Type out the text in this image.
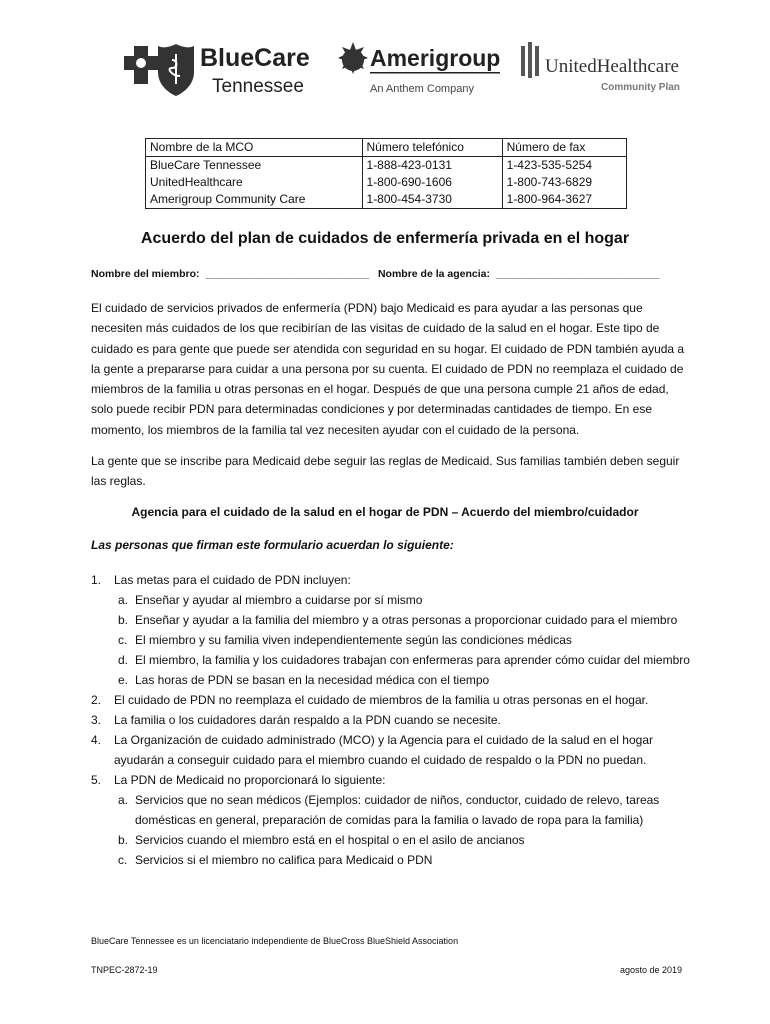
BlueCare
Tennessee
Amerigroup
An Anthem Company
UnitedHealthcare
Community Plan
Nombre de la MCO	Número telefónico	Número de fax
BlueCare Tennessee	1-888-423-0131	1-423-535-5254
UnitedHealthcare	1-800-690-1606	1-800-743-6829
Amerigroup Community Care	1-800-454-3730	1-800-964-3627
Acuerdo del plan de cuidados de enfermería privada en el hogar
Nombre del miembro: ____________________________ Nombre de la agencia: ____________________________
El cuidado de servicios privados de enfermería (PDN) bajo Medicaid es para ayudar a las personas que necesiten más cuidados de los que recibirían de las visitas de cuidado de la salud en el hogar. Este tipo de cuidado es para gente que puede ser atendida con seguridad en su hogar. El cuidado de PDN también ayuda a la gente a prepararse para cuidar a una persona por su cuenta. El cuidado de PDN no reemplaza el cuidado de miembros de la familia u otras personas en el hogar. Después de que una persona cumple 21 años de edad, solo puede recibir PDN para determinadas condiciones y por determinadas cantidades de tiempo. En ese momento, los miembros de la familia tal vez necesiten ayudar con el cuidado de la persona.
La gente que se inscribe para Medicaid debe seguir las reglas de Medicaid. Sus familias también deben seguir las reglas.
Agencia para el cuidado de la salud en el hogar de PDN – Acuerdo del miembro/cuidador
Las personas que firman este formulario acuerdan lo siguiente:
1. Las metas para el cuidado de PDN incluyen:
a. Enseñar y ayudar al miembro a cuidarse por sí mismo
b. Enseñar y ayudar a la familia del miembro y a otras personas a proporcionar cuidado para el miembro
c. El miembro y su familia viven independientemente según las condiciones médicas
d. El miembro, la familia y los cuidadores trabajan con enfermeras para aprender cómo cuidar del miembro
e. Las horas de PDN se basan en la necesidad médica con el tiempo
2. El cuidado de PDN no reemplaza el cuidado de miembros de la familia u otras personas en el hogar.
3. La familia o los cuidadores darán respaldo a la PDN cuando se necesite.
4. La Organización de cuidado administrado (MCO) y la Agencia para el cuidado de la salud en el hogar ayudarán a conseguir cuidado para el miembro cuando el cuidado de respaldo o la PDN no puedan.
5. La PDN de Medicaid no proporcionará lo siguiente:
a. Servicios que no sean médicos (Ejemplos: cuidador de niños, conductor, cuidado de relevo, tareas domésticas en general, preparación de comidas para la familia o lavado de ropa para la familia)
b. Servicios cuando el miembro está en el hospital o en el asilo de ancianos
c. Servicios si el miembro no califica para Medicaid o PDN
BlueCare Tennessee es un licenciatario independiente de BlueCross BlueShield Association
TNPEC-2872-19	agosto de 2019
